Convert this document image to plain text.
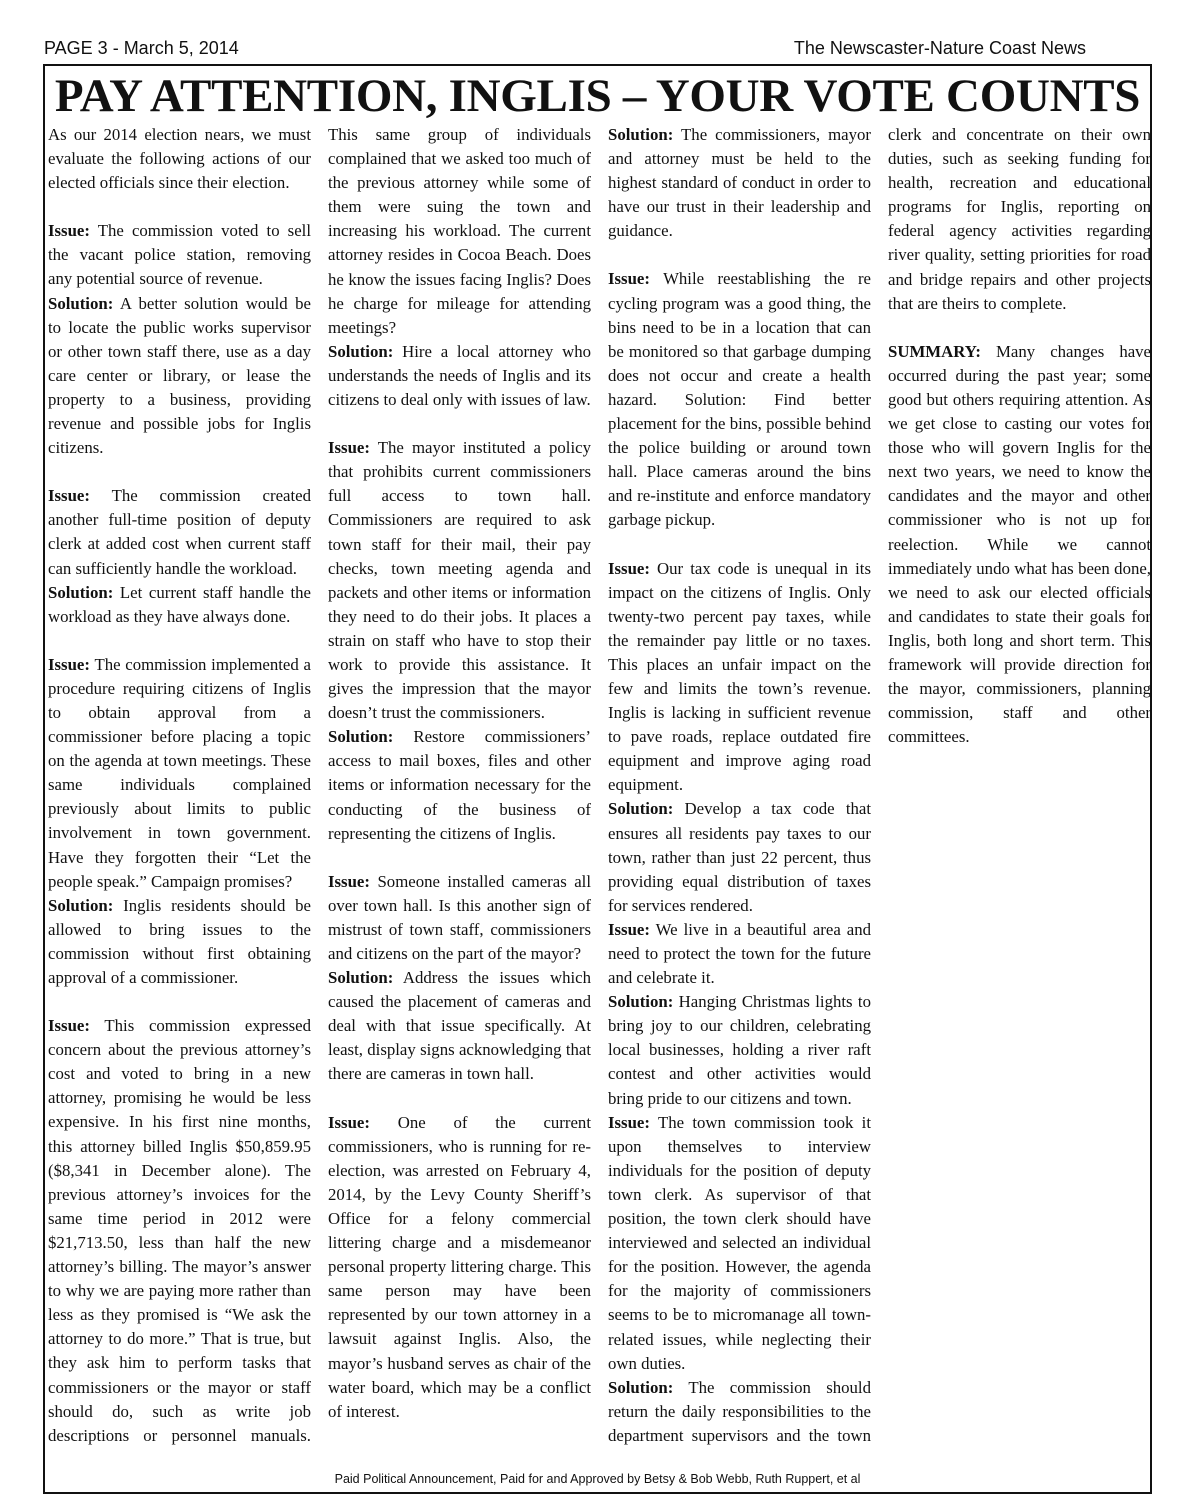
PAGE 3 - March 5, 2014	The Newscaster-Nature Coast News
PAY ATTENTION, INGLIS – YOUR VOTE COUNTS

As our 2014 election nears, we must evaluate the following actions of our elected officials since their election.

Issue: The commission voted to sell the vacant police station, removing any potential source of revenue.

Solution: A better solution would be to locate the public works supervisor or other town staff there, use as a day care center or library, or lease the property to a business, providing revenue and possible jobs for Inglis citizens.

Issue: The commission created another full-time position of deputy clerk at added cost when current staff can sufficiently handle the workload.

Solution: Let current staff handle the workload as they have always done.

Issue: The commission implemented a procedure requiring citizens of Inglis to obtain approval from a commissioner before placing a topic on the agenda at town meetings. These same individuals complained previously about limits to public involvement in town government. Have they forgotten their “Let the people speak.” Campaign promises?

Solution: Inglis residents should be allowed to bring issues to the commission without first obtaining approval of a commissioner.

Issue: This commission expressed concern about the previous attorney’s cost and voted to bring in a new attorney, promising he would be less expensive. In his first nine months, this attorney billed Inglis $50,859.95 ($8,341 in December alone). The previous attorney’s invoices for the same time period in 2012 were $21,713.50, less than half the new attorney’s billing. The mayor’s answer to why we are paying more rather than less as they promised is “We ask the attorney to do more.” That is true, but they ask him to perform tasks that commissioners or the mayor or staff should do, such as write job descriptions or personnel manuals. This same group of individuals complained that we asked too much of the previous attorney while some of them were suing the town and increasing his workload. The current attorney resides in Cocoa Beach. Does he know the issues facing Inglis? Does he charge for mileage for attending meetings?

Solution: Hire a local attorney who understands the needs of Inglis and its citizens to deal only with issues of law.

Issue: The mayor instituted a policy that prohibits current commissioners full access to town hall. Commissioners are required to ask town staff for their mail, their pay checks, town meeting agenda and packets and other items or information they need to do their jobs. It places a strain on staff who have to stop their work to provide this assistance. It gives the impression that the mayor doesn’t trust the commissioners.

Solution: Restore commissioners’ access to mail boxes, files and other items or information necessary for the conducting of the business of representing the citizens of Inglis.

Issue: Someone installed cameras all over town hall. Is this another sign of mistrust of town staff, commissioners and citizens on the part of the mayor?

Solution: Address the issues which caused the placement of cameras and deal with that issue specifically. At least, display signs acknowledging that there are cameras in town hall.

Issue: One of the current commissioners, who is running for re-election, was arrested on February 4, 2014, by the Levy County Sheriff’s Office for a felony commercial littering charge and a misdemeanor personal property littering charge. This same person may have been represented by our town attorney in a lawsuit against Inglis. Also, the mayor’s husband serves as chair of the water board, which may be a conflict of interest.

Solution: The commissioners, mayor and attorney must be held to the highest standard of conduct in order to have our trust in their leadership and guidance.

Issue: While reestablishing the re cycling program was a good thing, the bins need to be in a location that can be monitored so that garbage dumping does not occur and create a health hazard. Solution: Find better placement for the bins, possible behind the police building or around town hall. Place cameras around the bins and re-institute and enforce mandatory garbage pickup.

Issue: Our tax code is unequal in its impact on the citizens of Inglis. Only twenty-two percent pay taxes, while the remainder pay little or no taxes. This places an unfair impact on the few and limits the town’s revenue. Inglis is lacking in sufficient revenue to pave roads, replace outdated fire equipment and improve aging road equipment.

Solution: Develop a tax code that ensures all residents pay taxes to our town, rather than just 22 percent, thus providing equal distribution of taxes for services rendered.

Issue: We live in a beautiful area and need to protect the town for the future and celebrate it.

Solution: Hanging Christmas lights to bring joy to our children, celebrating local businesses, holding a river raft contest and other activities would bring pride to our citizens and town.

Issue: The town commission took it upon themselves to interview individuals for the position of deputy town clerk. As supervisor of that position, the town clerk should have interviewed and selected an individual for the position. However, the agenda for the majority of commissioners seems to be to micromanage all town-related issues, while neglecting their own duties.

Solution: The commission should return the daily responsibilities to the department supervisors and the town clerk and concentrate on their own duties, such as seeking funding for health, recreation and educational programs for Inglis, reporting on federal agency activities regarding river quality, setting priorities for road and bridge repairs and other projects that are theirs to complete.

SUMMARY: Many changes have occurred during the past year; some good but others requiring attention. As we get close to casting our votes for those who will govern Inglis for the next two years, we need to know the candidates and the mayor and other commissioner who is not up for reelection. While we cannot immediately undo what has been done, we need to ask our elected officials and candidates to state their goals for Inglis, both long and short term. This framework will provide direction for the mayor, commissioners, planning commission, staff and other committees.

Paid Political Announcement, Paid for and Approved by Betsy & Bob Webb, Ruth Ruppert, et al
